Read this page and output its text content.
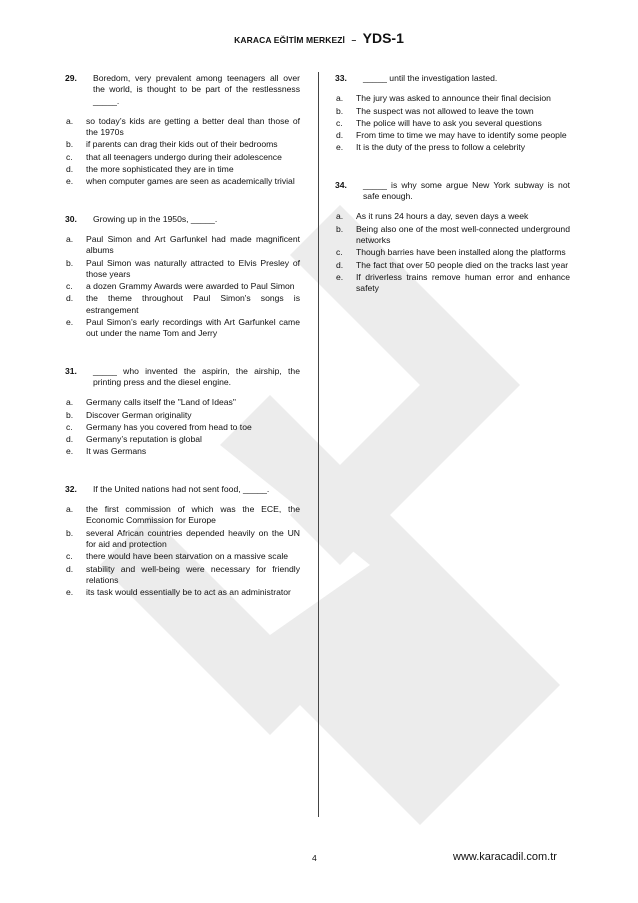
KARACA EĞİTİM MERKEZİ – YDS-1
29.	Boredom, very prevalent among teenagers all over the world, is thought to be part of the restlessness _____.
a.	so today’s kids are getting a better deal than those of the 1970s
b.	if parents can drag their kids out of their bedrooms
c.	that all teenagers undergo during their adolescence
d.	the more sophisticated they are in time
e.	when computer games are seen as academically trivial
30.	Growing up in the 1950s, _____.
a.	Paul Simon and Art Garfunkel had made magnificent albums
b.	Paul Simon was naturally attracted to Elvis Presley of those years
c.	a dozen Grammy Awards were awarded to Paul Simon
d.	the theme throughout Paul Simon's songs is estrangement
e.	Paul Simon’s early recordings with Art Garfunkel came out under the name Tom and Jerry
31.	_____ who invented the aspirin, the airship, the printing press and the diesel engine.
a.	Germany calls itself the "Land of Ideas"
b.	Discover German originality
c.	Germany has you covered from head to toe
d.	Germany’s reputation is global
e.	It was Germans
32.	If the United nations had not sent food, _____.
a.	the first commission of which was the ECE, the Economic Commission for Europe
b.	several African countries depended heavily on the UN for aid and protection
c.	there would have been starvation on a massive scale
d.	stability and well-being were necessary for friendly relations
e.	its task would essentially be to act as an administrator
33.	_____ until the investigation lasted.
a.	The jury was asked to announce their final decision
b.	The suspect was not allowed to leave the town
c.	The police will have to ask you several questions
d.	From time to time we may have to identify some people
e.	It is the duty of the press to follow a celebrity
34.	_____ is why some argue New York subway is not safe enough.
a.	As it runs 24 hours a day, seven days a week
b.	Being also one of the most well-connected underground networks
c.	Though barries have been installed along the platforms
d.	The fact that over 50 people died on the tracks last year
e.	If driverless trains remove human error and enhance safety
4	www.karacadil.com.tr
